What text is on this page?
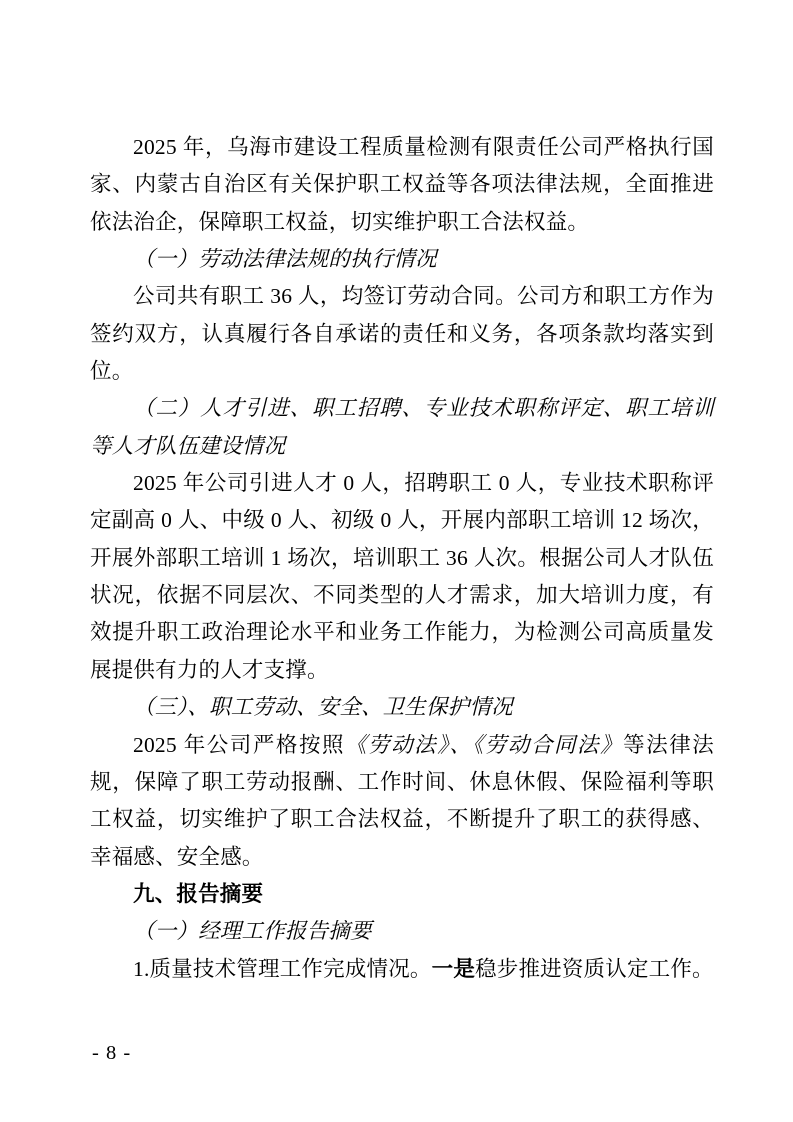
2025 年，乌海市建设工程质量检测有限责任公司严格执行国家、内蒙古自治区有关保护职工权益等各项法律法规，全面推进依法治企，保障职工权益，切实维护职工合法权益。

（一）劳动法律法规的执行情况

公司共有职工 36 人，均签订劳动合同。公司方和职工方作为签约双方，认真履行各自承诺的责任和义务，各项条款均落实到位。

（二）人才引进、职工招聘、专业技术职称评定、职工培训等人才队伍建设情况

2025 年公司引进人才 0 人，招聘职工 0 人，专业技术职称评定副高 0 人、中级 0 人、初级 0 人，开展内部职工培训 12 场次，开展外部职工培训 1 场次，培训职工 36 人次。根据公司人才队伍状况，依据不同层次、不同类型的人才需求，加大培训力度，有效提升职工政治理论水平和业务工作能力，为检测公司高质量发展提供有力的人才支撑。

（三）、职工劳动、安全、卫生保护情况

2025 年公司严格按照《劳动法》、《劳动合同法》等法律法规，保障了职工劳动报酬、工作时间、休息休假、保险福利等职工权益，切实维护了职工合法权益，不断提升了职工的获得感、幸福感、安全感。

九、报告摘要

（一）经理工作报告摘要

1.质量技术管理工作完成情况。一是稳步推进资质认定工作。

- 8 -
